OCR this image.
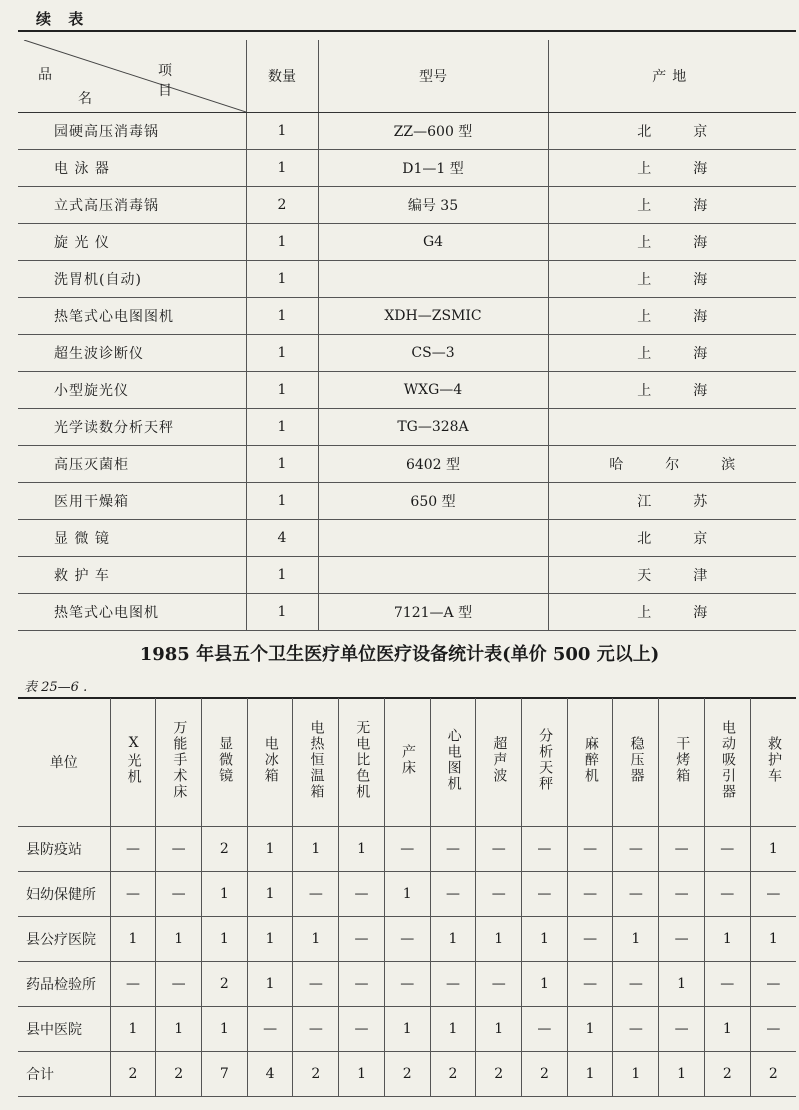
续 表
项 目
品
名	数量	型号	产地
园硬高压消毒锅	1	ZZ—600 型	北京
电 泳 器	1	D1—1 型	上海
立式高压消毒锅	2	编号 35	上海
旋 光 仪	1	G4	上海
洗胃机(自动)	1		上海
热笔式心电图图机	1	XDH—ZSMIC	上海
超生波诊断仪	1	CS—3	上海
小型旋光仪	1	WXG—4	上海
光学读数分析天秤	1	TG—328A	
高压灭菌柜	1	6402 型	哈尔滨
医用干燥箱	1	650 型	江苏
显 微 镜	4		北京
救 护 车	1		天津
热笔式心电图机	1	7121—A 型	上海
1985 年县五个卫生医疗单位医疗设备统计表(单价 500 元以上)
表 25—6 .
单位	X光机	万能手术床	显微镜	电冰箱	电热恒温箱	无电比色机	产床	心电图机	超声波	分析天秤	麻醉机	稳压器	干烤箱	电动吸引器	救护车
县防疫站	—	—	2	1	1	1	—	—	—	—	—	—	—	—	1
妇幼保健所	—	—	1	1	—	—	1	—	—	—	—	—	—	—	—
县公疗医院	1	1	1	1	1	—	—	1	1	1	—	1	—	1	1
药品检验所	—	—	2	1	—	—	—	—	—	1	—	—	1	—	—
县中医院	1	1	1	—	—	—	1	1	1	—	1	—	—	1	—
合计	2	2	7	4	2	1	2	2	2	2	1	1	1	2	2
